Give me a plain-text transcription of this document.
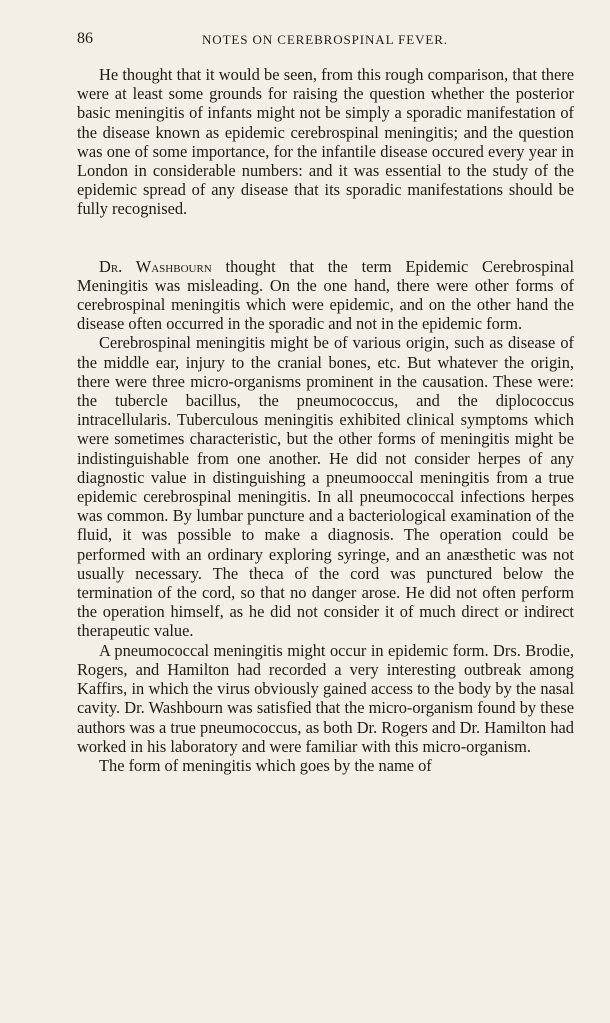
86	NOTES ON CEREBROSPINAL FEVER.

He thought that it would be seen, from this rough comparison, that there were at least some grounds for raising the question whether the posterior basic meningitis of infants might not be simply a sporadic manifestation of the disease known as epidemic cerebrospinal meningitis; and the question was one of some importance, for the infantile disease occured every year in London in considerable numbers: and it was essential to the study of the epidemic spread of any disease that its sporadic manifestations should be fully recognised.

Dr. Washbourn thought that the term Epidemic Cerebrospinal Meningitis was misleading. On the one hand, there were other forms of cerebrospinal meningitis which were epidemic, and on the other hand the disease often occurred in the sporadic and not in the epidemic form.

Cerebrospinal meningitis might be of various origin, such as disease of the middle ear, injury to the cranial bones, etc. But whatever the origin, there were three micro-organisms prominent in the causation. These were: the tubercle bacillus, the pneumococcus, and the diplococcus intracellularis. Tuberculous meningitis exhibited clinical symptoms which were sometimes characteristic, but the other forms of meningitis might be indistinguishable from one another. He did not consider herpes of any diagnostic value in distinguishing a pneumooccal meningitis from a true epidemic cerebrospinal meningitis. In all pneumococcal infections herpes was common. By lumbar puncture and a bacteriological examination of the fluid, it was possible to make a diagnosis. The operation could be performed with an ordinary exploring syringe, and an anæsthetic was not usually necessary. The theca of the cord was punctured below the termination of the cord, so that no danger arose. He did not often perform the operation himself, as he did not consider it of much direct or indirect therapeutic value.

A pneumococcal meningitis might occur in epidemic form. Drs. Brodie, Rogers, and Hamilton had recorded a very interesting outbreak among Kaffirs, in which the virus obviously gained access to the body by the nasal cavity. Dr. Washbourn was satisfied that the micro-organism found by these authors was a true pneumococcus, as both Dr. Rogers and Dr. Hamilton had worked in his laboratory and were familiar with this micro-organism.

The form of meningitis which goes by the name of
